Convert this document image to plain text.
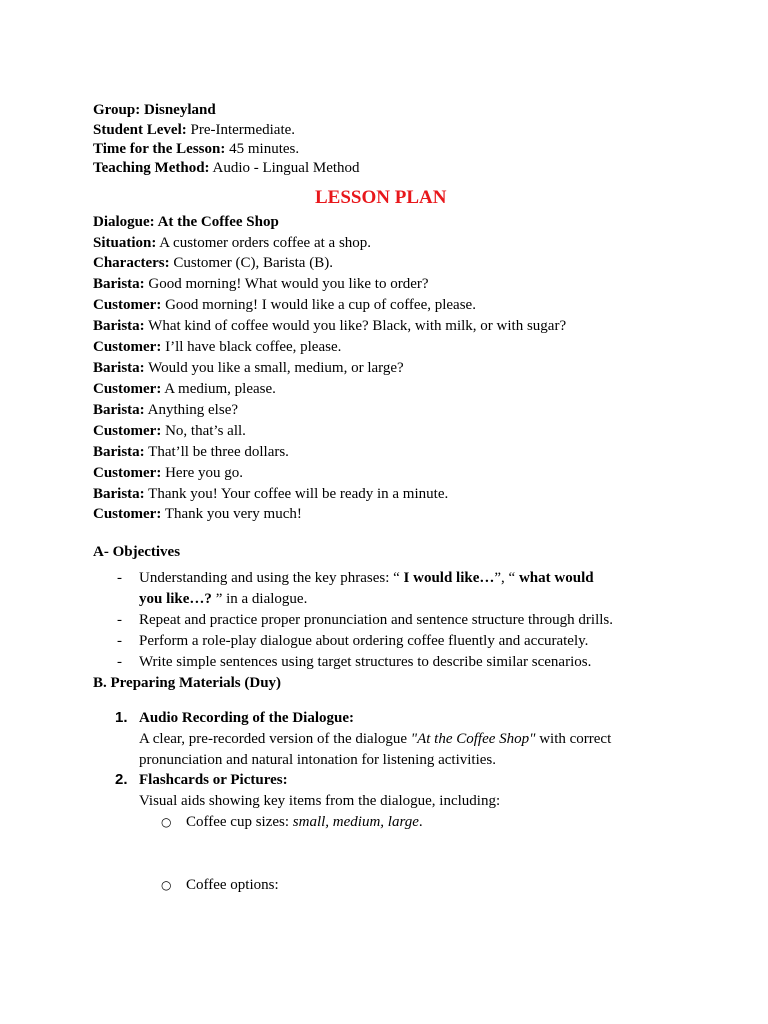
Group: Disneyland
Student Level: Pre-Intermediate.
Time for the Lesson: 45 minutes.
Teaching Method: Audio - Lingual Method
LESSON PLAN
Dialogue: At the Coffee Shop
Situation: A customer orders coffee at a shop.
Characters: Customer (C), Barista (B).
Barista: Good morning! What would you like to order?
Customer: Good morning! I would like a cup of coffee, please.
Barista: What kind of coffee would you like? Black, with milk, or with sugar?
Customer: I’ll have black coffee, please.
Barista: Would you like a small, medium, or large?
Customer: A medium, please.
Barista: Anything else?
Customer: No, that’s all.
Barista: That’ll be three dollars.
Customer: Here you go.
Barista: Thank you! Your coffee will be ready in a minute.
Customer: Thank you very much!
A- Objectives
- Understanding and using the key phrases: “ I would like…”, “ what would
you like…? ” in a dialogue.
- Repeat and practice proper pronunciation and sentence structure through drills.
- Perform a role-play dialogue about ordering coffee fluently and accurately.
- Write simple sentences using target structures to describe similar scenarios.
B. Preparing Materials (Duy)
1. Audio Recording of the Dialogue:
A clear, pre-recorded version of the dialogue "At the Coffee Shop" with correct
pronunciation and natural intonation for listening activities.
2. Flashcards or Pictures:
Visual aids showing key items from the dialogue, including:
○ Coffee cup sizes: small, medium, large.
○ Coffee options:
